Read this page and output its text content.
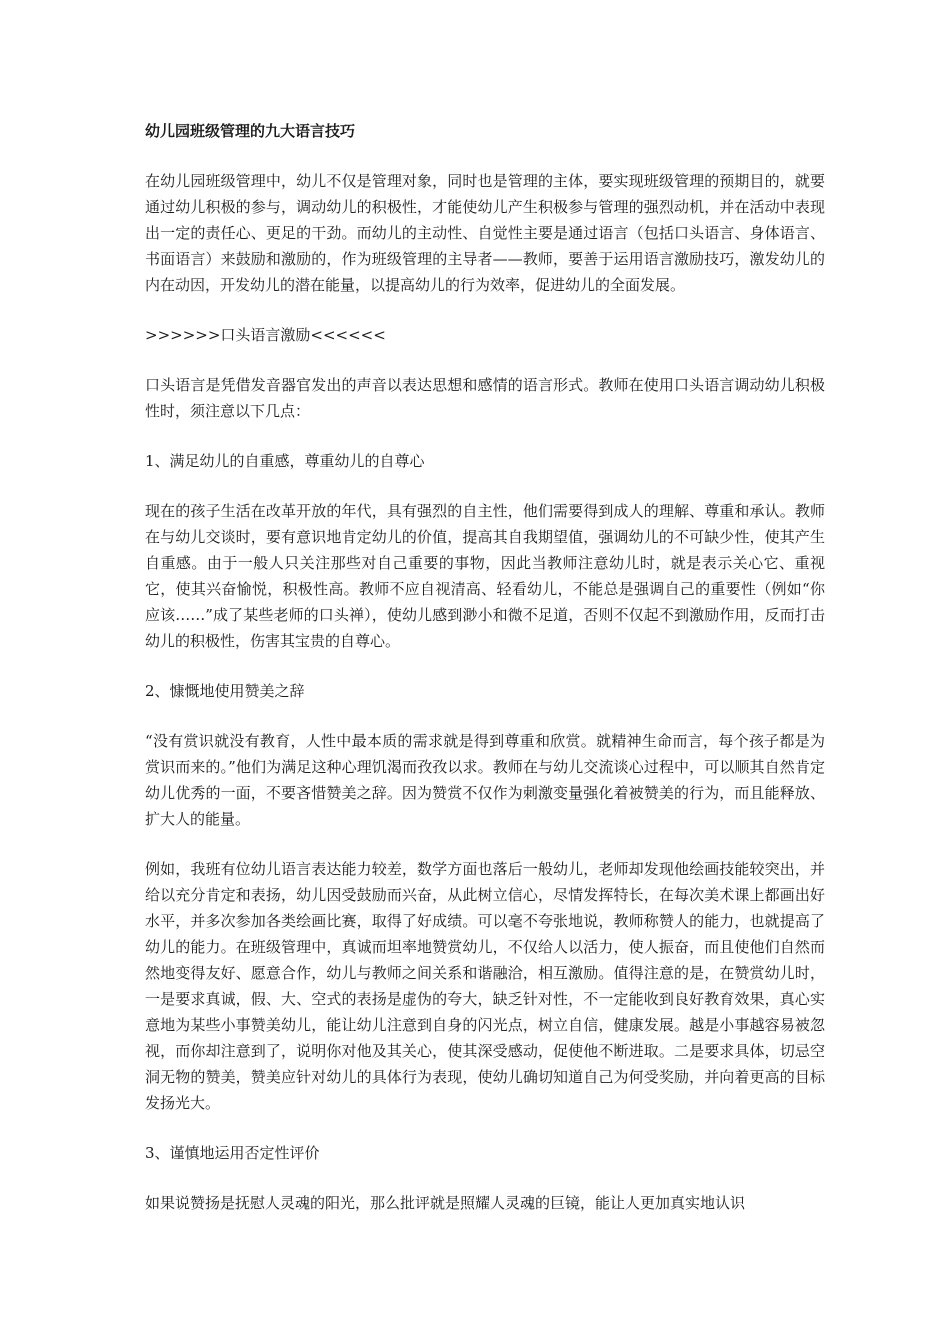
幼儿园班级管理的九大语言技巧
在幼儿园班级管理中，幼儿不仅是管理对象，同时也是管理的主体，要实现班级管理的预期目的，就要通过幼儿积极的参与，调动幼儿的积极性，才能使幼儿产生积极参与管理的强烈动机，并在活动中表现出一定的责任心、更足的干劲。而幼儿的主动性、自觉性主要是通过语言（包括口头语言、身体语言、书面语言）来鼓励和激励的，作为班级管理的主导者——教师，要善于运用语言激励技巧，激发幼儿的内在动因，开发幼儿的潜在能量，以提高幼儿的行为效率，促进幼儿的全面发展。
>>>>>>口头语言激励<<<<<<
口头语言是凭借发音器官发出的声音以表达思想和感情的语言形式。教师在使用口头语言调动幼儿积极性时，须注意以下几点：
1、满足幼儿的自重感，尊重幼儿的自尊心
现在的孩子生活在改革开放的年代，具有强烈的自主性，他们需要得到成人的理解、尊重和承认。教师在与幼儿交谈时，要有意识地肯定幼儿的价值，提高其自我期望值，强调幼儿的不可缺少性，使其产生自重感。由于一般人只关注那些对自己重要的事物，因此当教师注意幼儿时，就是表示关心它、重视它，使其兴奋愉悦，积极性高。教师不应自视清高、轻看幼儿，不能总是强调自己的重要性（例如“你应该……”成了某些老师的口头禅），使幼儿感到渺小和微不足道，否则不仅起不到激励作用，反而打击幼儿的积极性，伤害其宝贵的自尊心。
2、慷慨地使用赞美之辞
“没有赏识就没有教育，人性中最本质的需求就是得到尊重和欣赏。就精神生命而言，每个孩子都是为赏识而来的。”他们为满足这种心理饥渴而孜孜以求。教师在与幼儿交流谈心过程中，可以顺其自然肯定幼儿优秀的一面，不要吝惜赞美之辞。因为赞赏不仅作为刺激变量强化着被赞美的行为，而且能释放、扩大人的能量。
例如，我班有位幼儿语言表达能力较差，数学方面也落后一般幼儿，老师却发现他绘画技能较突出，并给以充分肯定和表扬，幼儿因受鼓励而兴奋，从此树立信心，尽情发挥特长，在每次美术课上都画出好水平，并多次参加各类绘画比赛，取得了好成绩。可以毫不夸张地说，教师称赞人的能力，也就提高了幼儿的能力。在班级管理中，真诚而坦率地赞赏幼儿，不仅给人以活力，使人振奋，而且使他们自然而然地变得友好、愿意合作，幼儿与教师之间关系和谐融洽，相互激励。值得注意的是，在赞赏幼儿时，一是要求真诚，假、大、空式的表扬是虚伪的夸大，缺乏针对性，不一定能收到良好教育效果，真心实意地为某些小事赞美幼儿，能让幼儿注意到自身的闪光点，树立自信，健康发展。越是小事越容易被忽视，而你却注意到了，说明你对他及其关心，使其深受感动，促使他不断进取。二是要求具体，切忌空洞无物的赞美，赞美应针对幼儿的具体行为表现，使幼儿确切知道自己为何受奖励，并向着更高的目标发扬光大。
3、谨慎地运用否定性评价
如果说赞扬是抚慰人灵魂的阳光，那么批评就是照耀人灵魂的巨镜，能让人更加真实地认识
